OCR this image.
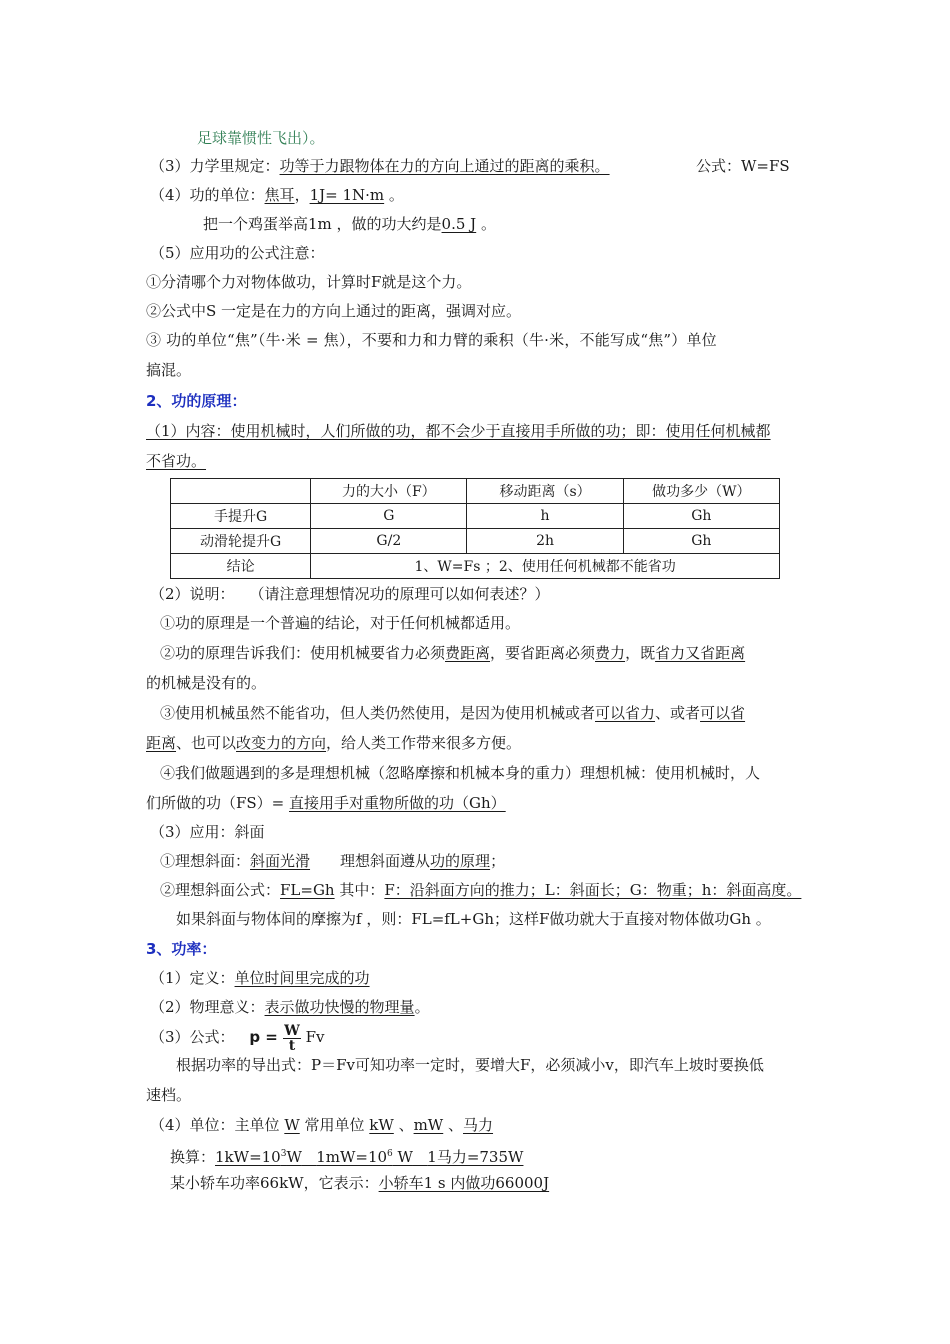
足球靠惯性飞出）。
（3）力学里规定：功等于力跟物体在力的方向上通过的距离的乘积。	公式：W=FS
（4）功的单位：焦耳，1J= 1N·m 。
把一个鸡蛋举高1m ，做的功大约是0.5 J 。
（5）应用功的公式注意：
①分清哪个力对物体做功，计算时F就是这个力。
②公式中S 一定是在力的方向上通过的距离，强调对应。
③ 功的单位“焦”（牛·米 = 焦），不要和力和力臂的乘积（牛·米，不能写成“焦”）单位
搞混。
2、功的原理：
（1）内容：使用机械时，人们所做的功，都不会少于直接用手所做的功；即：使用任何机械都
不省功。
	力的大小（F）	移动距离（s）	做功多少（W）
手提升G	G	h	Gh
动滑轮提升G	G/2	2h	Gh
结论	1、W=Fs ；2、使用任何机械都不能省功		
（2）说明：　　（请注意理想情况功的原理可以如何表述？）
①功的原理是一个普遍的结论，对于任何机械都适用。
②功的原理告诉我们：使用机械要省力必须费距离，要省距离必须费力，既省力又省距离
的机械是没有的。
③使用机械虽然不能省功，但人类仍然使用，是因为使用机械或者可以省力、或者可以省
距离、也可以改变力的方向，给人类工作带来很多方便。
④我们做题遇到的多是理想机械（忽略摩擦和机械本身的重力）理想机械：使用机械时，人
们所做的功（FS）= 直接用手对重物所做的功（Gh）
（3）应用：斜面
①理想斜面：斜面光滑　　理想斜面遵从功的原理；
②理想斜面公式：FL=Gh 其中：F：沿斜面方向的推力；L：斜面长；G：物重；h：斜面高度。
如果斜面与物体间的摩擦为f ，则：FL=fL+Gh；这样F做功就大于直接对物体做功Gh 。
3、功率：
（1）定义：单位时间里完成的功
（2）物理意义：表示做功快慢的物理量。
（3）公式： $p = \frac{W}{t}$ Fv
根据功率的导出式：P＝Fv可知功率一定时，要增大F，必须减小v，即汽车上坡时要换低
速档。
（4）单位：主单位 W 常用单位 kW 、mW 、马力
换算：$1kW=10^3W$ $1mW=10^6$ W 1马力=735W
某小轿车功率66kW，它表示：小轿车1 s 内做功66000J
